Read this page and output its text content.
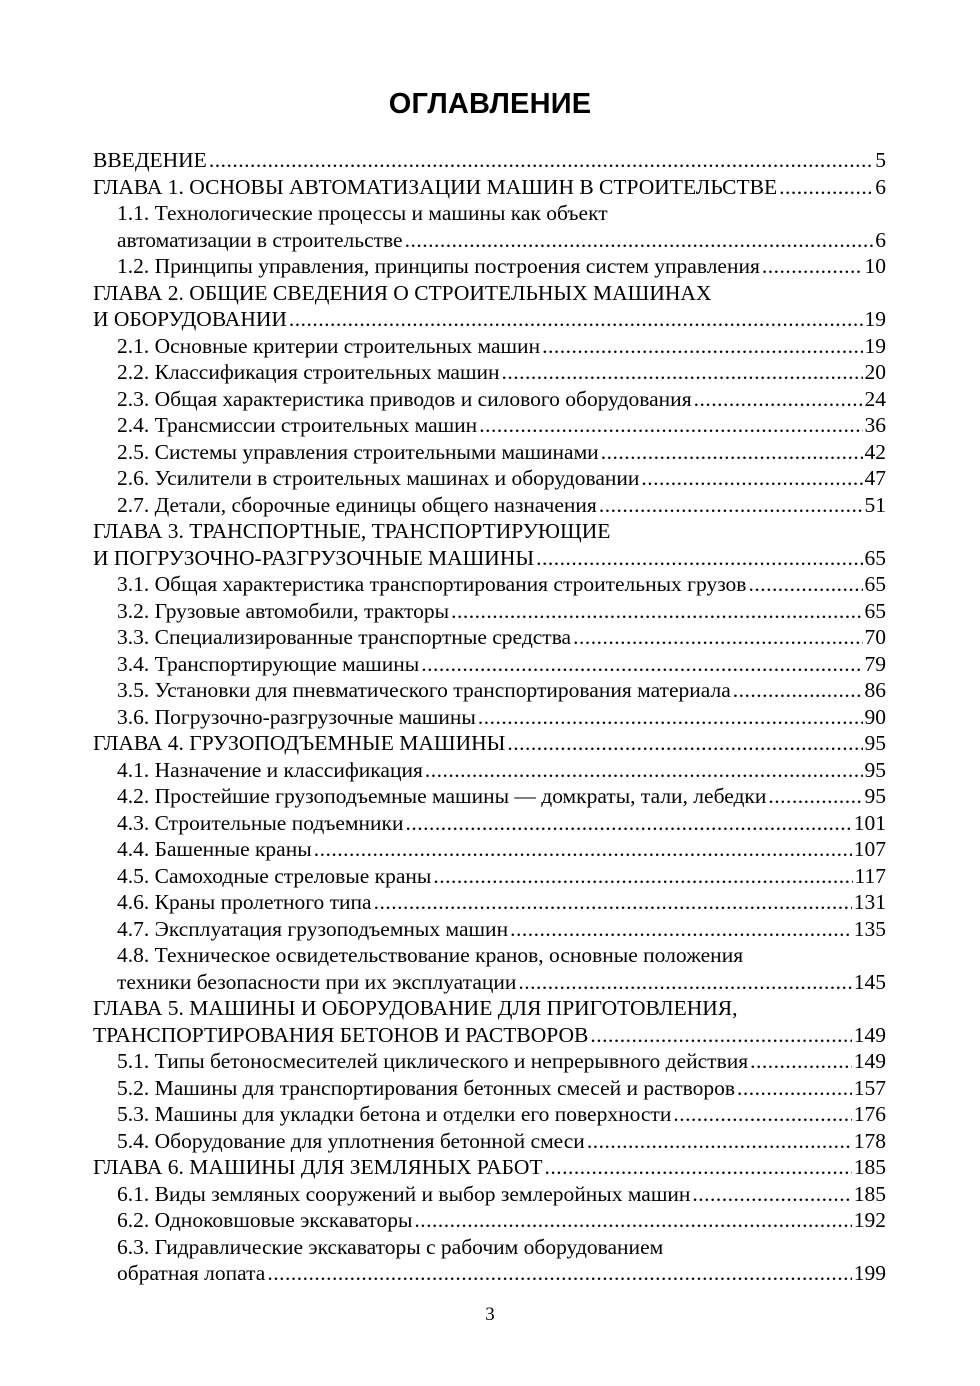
ОГЛАВЛЕНИЕ
ВВЕДЕНИЕ .....	5
ГЛАВА 1. ОСНОВЫ АВТОМАТИЗАЦИИ МАШИН В СТРОИТЕЛЬСТВЕ .....	6
1.1. Технологические процессы и машины как объект
автоматизации в строительстве .....	6
1.2. Принципы управления, принципы построения систем управления .....	10
ГЛАВА 2. ОБЩИЕ СВЕДЕНИЯ О СТРОИТЕЛЬНЫХ МАШИНАХ
И ОБОРУДОВАНИИ .....	19
2.1. Основные критерии строительных машин .....	19
2.2. Классификация строительных машин .....	20
2.3. Общая характеристика приводов и силового оборудования .....	24
2.4. Трансмиссии строительных машин .....	36
2.5. Системы управления строительными машинами .....	42
2.6. Усилители в строительных машинах и оборудовании .....	47
2.7. Детали, сборочные единицы общего назначения .....	51
ГЛАВА 3. ТРАНСПОРТНЫЕ, ТРАНСПОРТИРУЮЩИЕ
И ПОГРУЗОЧНО-РАЗГРУЗОЧНЫЕ МАШИНЫ .....	65
3.1. Общая характеристика транспортирования строительных грузов .....	65
3.2. Грузовые автомобили, тракторы .....	65
3.3. Специализированные транспортные средства .....	70
3.4. Транспортирующие машины .....	79
3.5. Установки для пневматического транспортирования материала .....	86
3.6. Погрузочно-разгрузочные машины .....	90
ГЛАВА 4. ГРУЗОПОДЪЕМНЫЕ МАШИНЫ .....	95
4.1. Назначение и классификация .....	95
4.2. Простейшие грузоподъемные машины — домкраты, тали, лебедки .....	95
4.3. Строительные подъемники .....	101
4.4. Башенные краны .....	107
4.5. Самоходные стреловые краны .....	117
4.6. Краны пролетного типа .....	131
4.7. Эксплуатация грузоподъемных машин .....	135
4.8. Техническое освидетельствование кранов, основные положения
техники безопасности при их эксплуатации .....	145
ГЛАВА 5. МАШИНЫ И ОБОРУДОВАНИЕ ДЛЯ ПРИГОТОВЛЕНИЯ,
ТРАНСПОРТИРОВАНИЯ БЕТОНОВ И РАСТВОРОВ .....	149
5.1. Типы бетоносмесителей циклического и непрерывного действия .....	149
5.2. Машины для транспортирования бетонных смесей и растворов .....	157
5.3. Машины для укладки бетона и отделки его поверхности .....	176
5.4. Оборудование для уплотнения бетонной смеси .....	178
ГЛАВА 6. МАШИНЫ ДЛЯ ЗЕМЛЯНЫХ РАБОТ .....	185
6.1. Виды земляных сооружений и выбор землеройных машин .....	185
6.2. Одноковшовые экскаваторы .....	192
6.3. Гидравлические экскаваторы с рабочим оборудованием
обратная лопата .....	199
3
